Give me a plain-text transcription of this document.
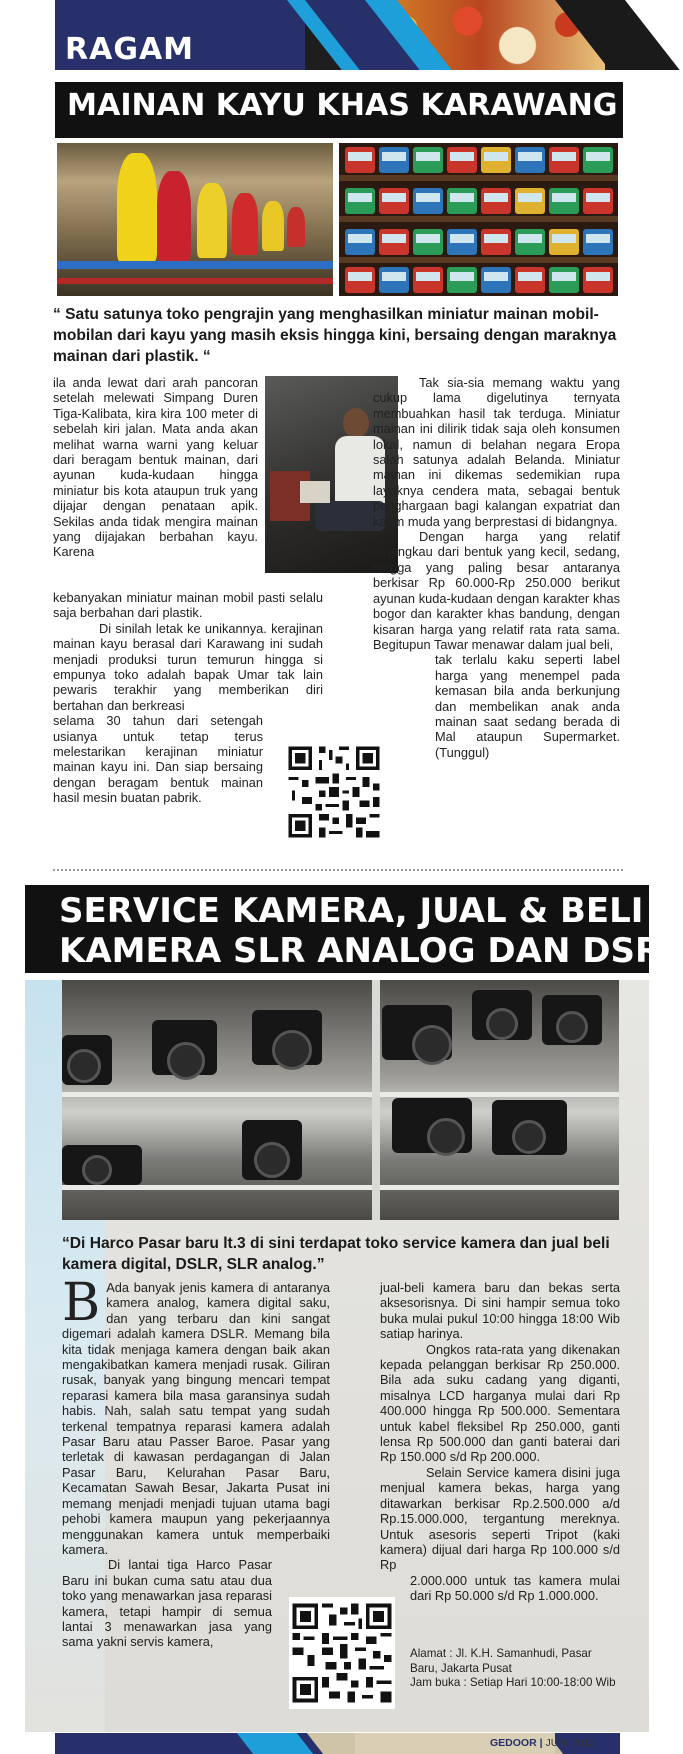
RAGAM
MAINAN KAYU KHAS KARAWANG
“ Satu satunya toko pengrajin yang menghasilkan miniatur mainan mobil-mobilan dari kayu yang masih eksis hingga kini, bersaing dengan maraknya mainan dari plastik. “

ila anda lewat dari arah pancoran setelah melewati Simpang Duren Tiga-Kalibata, kira kira 100 meter di sebelah kiri jalan. Mata anda akan melihat warna warni yang keluar dari beragam bentuk mainan, dari ayunan kuda-kudaan hingga miniatur bis kota ataupun truk yang dijajar dengan penataan apik. Sekilas anda tidak mengira mainan yang dijajakan berbahan kayu. Karena

kebanyakan miniatur mainan mobil pasti selalu saja berbahan dari plastik.

Di sinilah letak ke unikannya. kerajinan mainan kayu berasal dari Karawang ini sudah menjadi produksi turun temurun hingga si empunya toko adalah bapak Umar tak lain pewaris terakhir yang memberikan diri bertahan dan berkreasi

selama 30 tahun dari setengah usianya untuk tetap terus melestarikan kerajinan miniatur mainan kayu ini. Dan siap bersaing dengan beragam bentuk mainan hasil mesin buatan pabrik.

Tak sia-sia memang waktu yang cukup lama digelutinya ternyata membuahkan hasil tak terduga. Miniatur mainan ini dilirik tidak saja oleh konsumen lokal, namun di belahan negara Eropa salah satunya adalah Belanda. Miniatur mainan ini dikemas sedemikian rupa layaknya cendera mata, sebagai bentuk penghargaan bagi kalangan expatriat dan kaum muda yang berprestasi di bidangnya.

Dengan harga yang relatif terjangkau dari bentuk yang kecil, sedang, hingga yang paling besar antaranya berkisar Rp 60.000-Rp 250.000 berikut ayunan kuda-kudaan dengan karakter khas bogor dan karakter khas bandung, dengan kisaran harga yang relatif rata rata sama. Begitupun Tawar menawar dalam jual beli,

tak terlalu kaku seperti label harga yang menempel pada kemasan bila anda berkunjung dan membelikan anak anda mainan saat sedang berada di Mal ataupun Supermarket. (Tunggul)

SERVICE KAMERA, JUAL & BELI
KAMERA SLR ANALOG DAN DSRL
“Di Harco Pasar baru lt.3 di sini terdapat toko service kamera dan jual beli kamera digital, DSLR, SLR analog.”

B Ada banyak jenis kamera di antaranya kamera analog, kamera digital saku, dan yang terbaru dan kini sangat digemari adalah kamera DSLR. Memang bila kita tidak menjaga kamera dengan baik akan mengakibatkan kamera menjadi rusak. Giliran rusak, banyak yang bingung mencari tempat reparasi kamera bila masa garansinya sudah habis. Nah, salah satu tempat yang sudah terkenal tempatnya reparasi kamera adalah Pasar Baru atau Passer Baroe. Pasar yang terletak di kawasan perdagangan di Jalan Pasar Baru, Kelurahan Pasar Baru, Kecamatan Sawah Besar, Jakarta Pusat ini memang menjadi menjadi tujuan utama bagi pehobi kamera maupun yang pekerjaannya menggunakan kamera untuk memperbaiki kamera.

Di lantai tiga Harco Pasar Baru ini bukan cuma satu atau dua toko yang menawarkan jasa reparasi kamera, tetapi hampir di semua lantai 3 menawarkan jasa yang sama yakni servis kamera,

jual-beli kamera baru dan bekas serta aksesorisnya. Di sini hampir semua toko buka mulai pukul 10:00 hingga 18:00 Wib satiap harinya.

Ongkos rata-rata yang dikenakan kepada pelanggan berkisar Rp 250.000. Bila ada suku cadang yang diganti, misalnya LCD harganya mulai dari Rp 400.000 hingga Rp 500.000. Sementara untuk kabel fleksibel Rp 250.000, ganti lensa Rp 500.000 dan ganti baterai dari Rp 150.000 s/d Rp 200.000.

Selain Service kamera disini juga menjual kamera bekas, harga yang ditawarkan berkisar Rp.2.500.000 a/d Rp.15.000.000, tergantung mereknya. Untuk asesoris seperti Tripot (kaki kamera) dijual dari harga Rp 100.000 s/d Rp

2.000.000 untuk tas kamera mulai dari Rp 50.000 s/d Rp 1.000.000.

Alamat : Jl. K.H. Samanhudi, Pasar Baru, Jakarta Pusat
Jam buka : Setiap Hari 10:00-18:00 Wib
GEDOOR | JUNI 2012	31
